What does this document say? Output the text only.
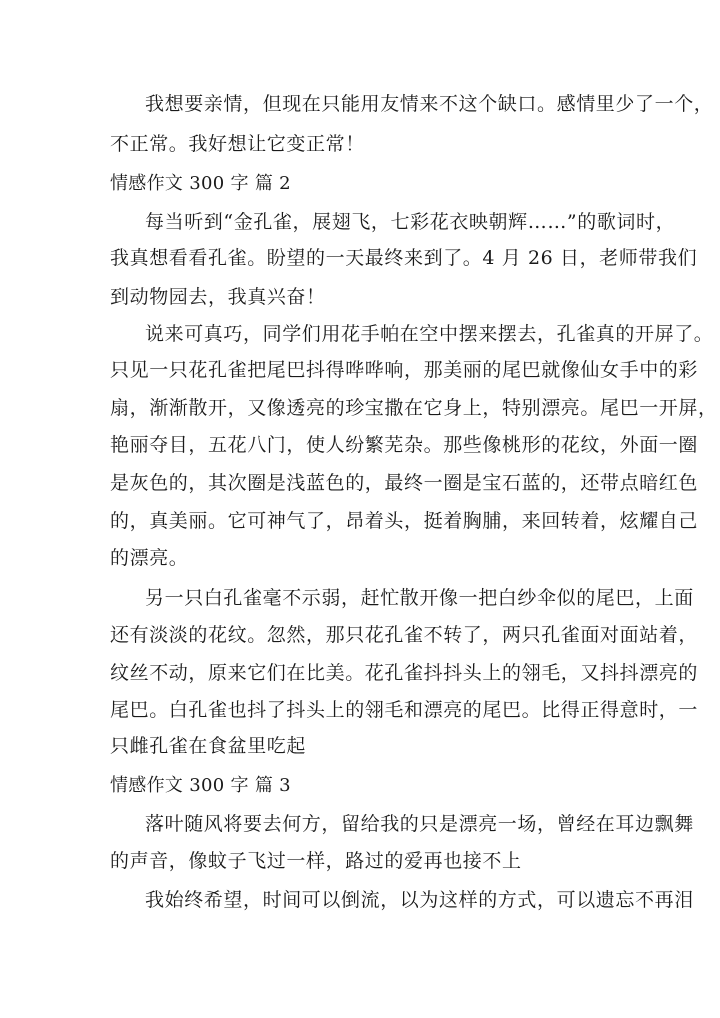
我想要亲情，但现在只能用友情来不这个缺口。感情里少了一个，
不正常。我好想让它变正常！
情感作文 300 字 篇 2
每当听到“金孔雀，展翅飞，七彩花衣映朝辉……”的歌词时，
我真想看看孔雀。盼望的一天最终来到了。4 月 26 日，老师带我们
到动物园去，我真兴奋！
说来可真巧，同学们用花手帕在空中摆来摆去，孔雀真的开屏了。
只见一只花孔雀把尾巴抖得哗哗响，那美丽的尾巴就像仙女手中的彩
扇，渐渐散开，又像透亮的珍宝撒在它身上，特别漂亮。尾巴一开屏，
艳丽夺目，五花八门，使人纷繁芜杂。那些像桃形的花纹，外面一圈
是灰色的，其次圈是浅蓝色的，最终一圈是宝石蓝的，还带点暗红色
的，真美丽。它可神气了，昂着头，挺着胸脯，来回转着，炫耀自己
的漂亮。
另一只白孔雀毫不示弱，赶忙散开像一把白纱伞似的尾巴，上面
还有淡淡的花纹。忽然，那只花孔雀不转了，两只孔雀面对面站着，
纹丝不动，原来它们在比美。花孔雀抖抖头上的翎毛，又抖抖漂亮的
尾巴。白孔雀也抖了抖头上的翎毛和漂亮的尾巴。比得正得意时，一
只雌孔雀在食盆里吃起
情感作文 300 字 篇 3
落叶随风将要去何方，留给我的只是漂亮一场，曾经在耳边飘舞
的声音，像蚊子飞过一样，路过的爱再也接不上
我始终希望，时间可以倒流，以为这样的方式，可以遗忘不再泪
